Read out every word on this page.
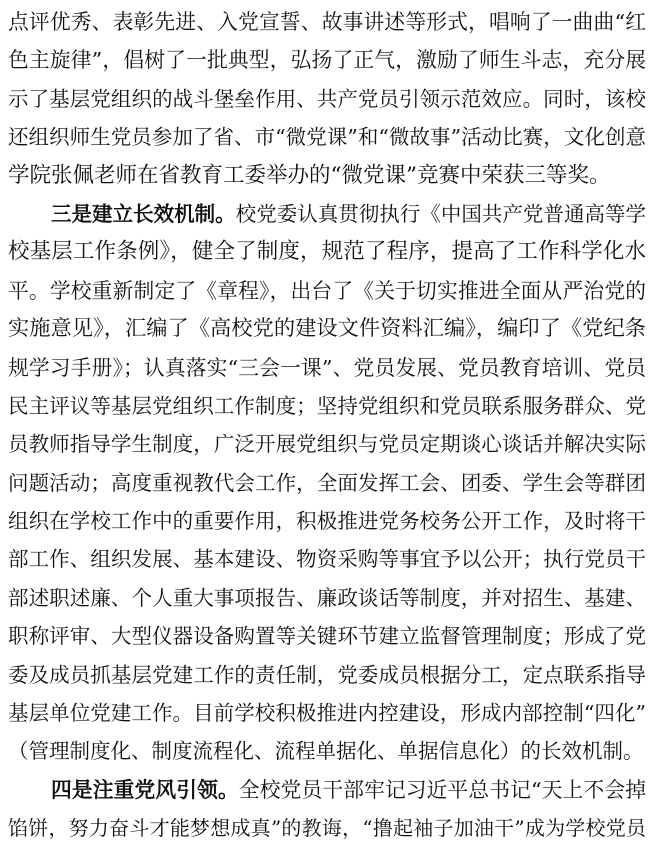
点评优秀、表彰先进、入党宣誓、故事讲述等形式，唱响了一曲曲“红
色主旋律”，倡树了一批典型，弘扬了正气，激励了师生斗志，充分展
示了基层党组织的战斗堡垒作用、共产党员引领示范效应。同时，该校
还组织师生党员参加了省、市“微党课”和“微故事”活动比赛，文化创意
学院张佩老师在省教育工委举办的“微党课”竞赛中荣获三等奖。
三是建立长效机制。校党委认真贯彻执行《中国共产党普通高等学
校基层工作条例》，健全了制度，规范了程序，提高了工作科学化水
平。学校重新制定了《章程》，出台了《关于切实推进全面从严治党的
实施意见》，汇编了《高校党的建设文件资料汇编》，编印了《党纪条
规学习手册》；认真落实“三会一课”、党员发展、党员教育培训、党员
民主评议等基层党组织工作制度；坚持党组织和党员联系服务群众、党
员教师指导学生制度，广泛开展党组织与党员定期谈心谈话并解决实际
问题活动；高度重视教代会工作，全面发挥工会、团委、学生会等群团
组织在学校工作中的重要作用，积极推进党务校务公开工作，及时将干
部工作、组织发展、基本建设、物资采购等事宜予以公开；执行党员干
部述职述廉、个人重大事项报告、廉政谈话等制度，并对招生、基建、
职称评审、大型仪器设备购置等关键环节建立监督管理制度；形成了党
委及成员抓基层党建工作的责任制，党委成员根据分工，定点联系指导
基层单位党建工作。目前学校积极推进内控建设，形成内部控制“四化”
（管理制度化、制度流程化、流程单据化、单据信息化）的长效机制。
四是注重党风引领。全校党员干部牢记习近平总书记“天上不会掉
馅饼，努力奋斗才能梦想成真”的教诲，“撸起袖子加油干”成为学校党员
